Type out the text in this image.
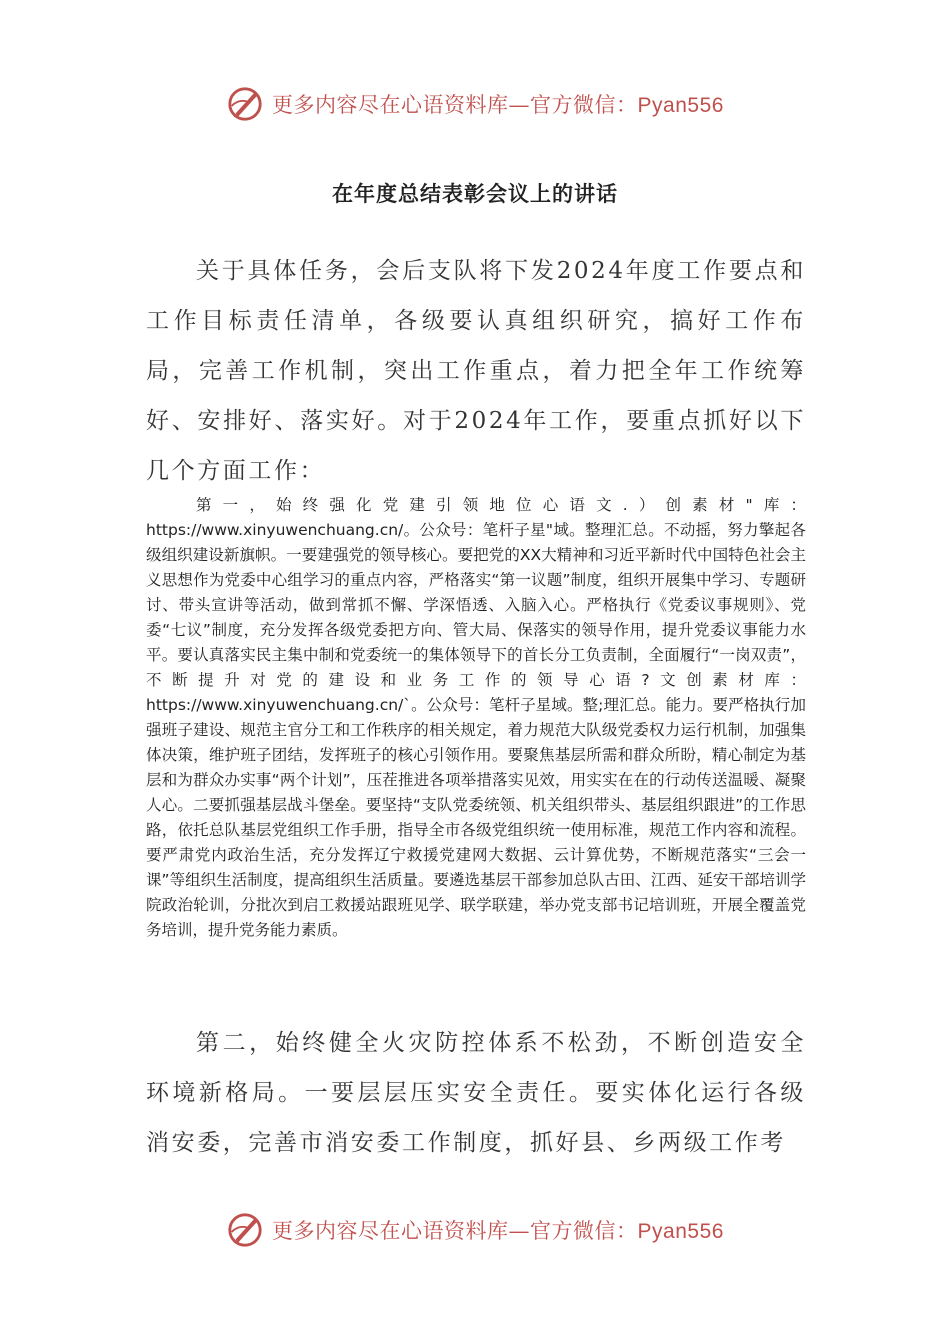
更多内容尽在心语资料库—官方微信：Pyan556
在年度总结表彰会议上的讲话

关于具体任务，会后支队将下发2024年度工作要点和工作目标责任清单，各级要认真组织研究，搞好工作布局，完善工作机制，突出工作重点，着力把全年工作统筹好、安排好、落实好。对于2024年工作，要重点抓好以下几个方面工作：

第一，始终强化党建引领地位心语文.）创素材"库：https://www.xinyuwenchuang.cn/。公众号：笔杆子星"域。整理汇总。不动摇，努力擎起各级组织建设新旗帜。一要建强党的领导核心。要把党的XX大精神和习近平新时代中国特色社会主义思想作为党委中心组学习的重点内容，严格落实“第一议题”制度，组织开展集中学习、专题研讨、带头宣讲等活动，做到常抓不懈、学深悟透、入脑入心。严格执行《党委议事规则》、党委“七议”制度，充分发挥各级党委把方向、管大局、保落实的领导作用，提升党委议事能力水平。要认真落实民主集中制和党委统一的集体领导下的首长分工负责制，全面履行“一岗双责”，不断提升对党的建设和业务工作的领导心语?文创素材库：https://www.xinyuwenchuang.cn/`。公众号：笔杆子星域。整;理汇总。能力。要严格执行加强班子建设、规范主官分工和工作秩序的相关规定，着力规范大队级党委权力运行机制，加强集体决策，维护班子团结，发挥班子的核心引领作用。要聚焦基层所需和群众所盼，精心制定为基层和为群众办实事“两个计划”，压茬推进各项举措落实见效，用实实在在的行动传送温暖、凝聚人心。二要抓强基层战斗堡垒。要坚持“支队党委统领、机关组织带头、基层组织跟进”的工作思路，依托总队基层党组织工作手册，指导全市各级党组织统一使用标准，规范工作内容和流程。要严肃党内政治生活，充分发挥辽宁救援党建网大数据、云计算优势，不断规范落实“三会一课”等组织生活制度，提高组织生活质量。要遴选基层干部参加总队古田、江西、延安干部培训学院政治轮训，分批次到启工救援站跟班见学、联学联建，举办党支部书记培训班，开展全覆盖党务培训，提升党务能力素质。

第二，始终健全火灾防控体系不松劲，不断创造安全环境新格局。一要层层压实安全责任。要实体化运行各级消安委，完善市消安委工作制度，抓好县、乡两级工作考

更多内容尽在心语资料库—官方微信：Pyan556
